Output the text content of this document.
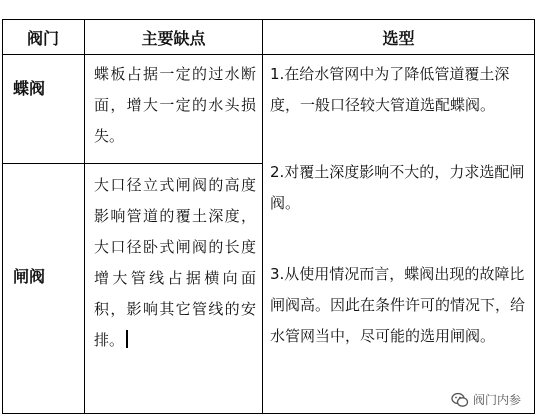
阀门	主要缺点	选型
蝶阀
蝶板占据一定的过水断面，增大一定的水头损失。
闸阀
大口径立式闸阀的高度影响管道的覆土深度，大口径卧式闸阀的长度增大管线占据横向面积，影响其它管线的安排。
1.在给水管网中为了降低管道覆土深度，一般口径较大管道选配蝶阀。
2.对覆土深度影响不大的，力求选配闸阀。
3.从使用情况而言，蝶阀出现的故障比闸阀高。因此在条件许可的情况下，给水管网当中，尽可能的选用闸阀。
阀门内参
